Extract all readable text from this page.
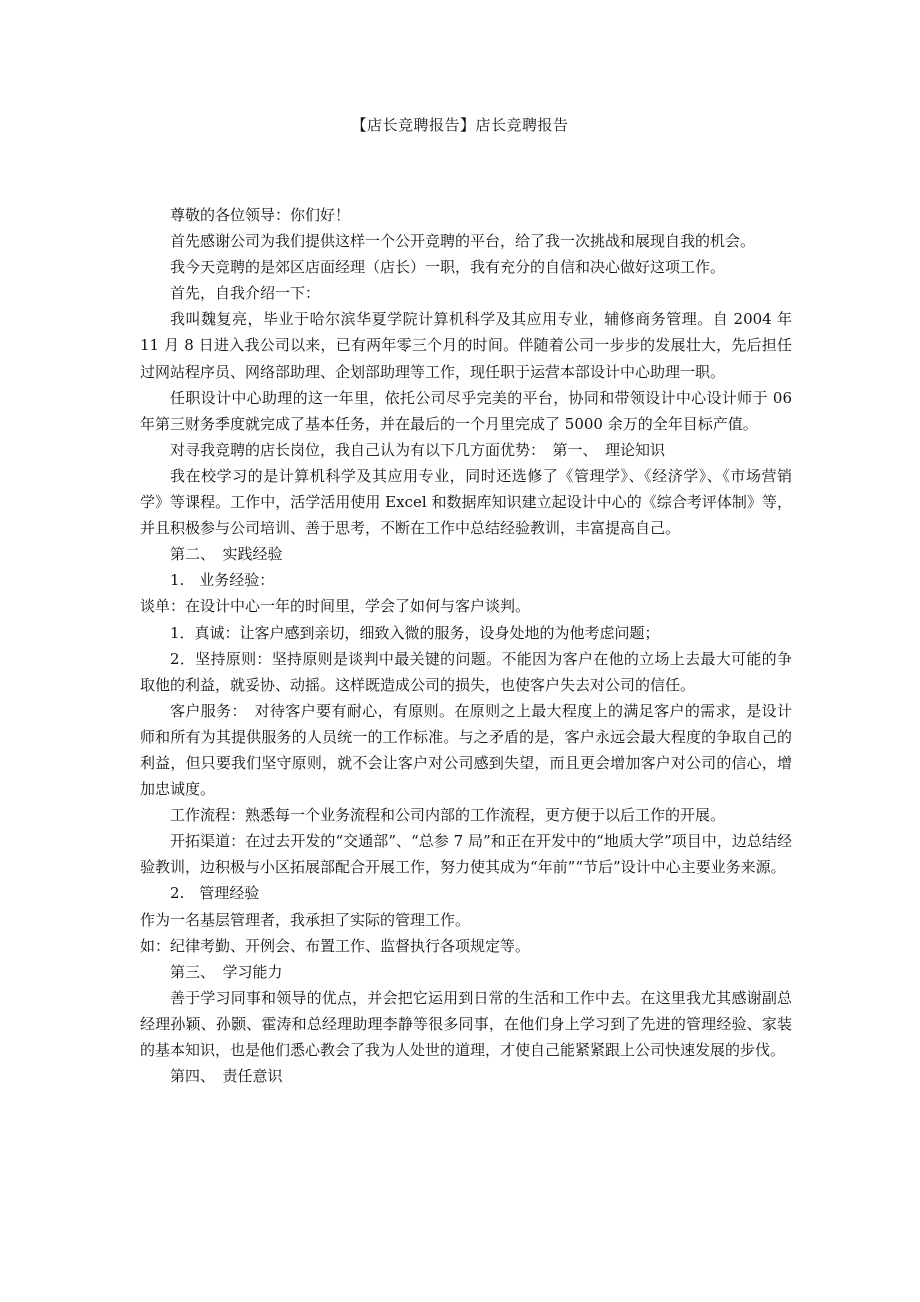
【店长竞聘报告】店长竞聘报告

尊敬的各位领导：你们好！

首先感谢公司为我们提供这样一个公开竞聘的平台，给了我一次挑战和展现自我的机会。

我今天竞聘的是郊区店面经理（店长）一职，我有充分的自信和决心做好这项工作。

首先，自我介绍一下：

我叫魏复亮，毕业于哈尔滨华夏学院计算机科学及其应用专业，辅修商务管理。自 2004 年 11 月 8 日进入我公司以来，已有两年零三个月的时间。伴随着公司一步步的发展壮大，先后担任过网站程序员、网络部助理、企划部助理等工作，现任职于运营本部设计中心助理一职。

任职设计中心助理的这一年里，依托公司尽乎完美的平台，协同和带领设计中心设计师于 06 年第三财务季度就完成了基本任务，并在最后的一个月里完成了 5000 余万的全年目标产值。

对寻我竞聘的店长岗位，我自己认为有以下几方面优势：　第一、　理论知识

我在校学习的是计算机科学及其应用专业，同时还选修了《管理学》、《经济学》、《市场营销学》等课程。工作中，活学活用使用 Excel 和数据库知识建立起设计中心的《综合考评体制》等，并且积极参与公司培训、善于思考，不断在工作中总结经验教训，丰富提高自己。

第二、　实践经验

1.　业务经验：

谈单：在设计中心一年的时间里，学会了如何与客户谈判。

1．真诚：让客户感到亲切，细致入微的服务，设身处地的为他考虑问题；

2．坚持原则：坚持原则是谈判中最关键的问题。不能因为客户在他的立场上去最大可能的争取他的利益，就妥协、动摇。这样既造成公司的损失，也使客户失去对公司的信任。

客户服务：　对待客户要有耐心，有原则。在原则之上最大程度上的满足客户的需求，是设计师和所有为其提供服务的人员统一的工作标准。与之矛盾的是，客户永远会最大程度的争取自己的利益，但只要我们坚守原则，就不会让客户对公司感到失望，而且更会增加客户对公司的信心，增加忠诚度。

工作流程：熟悉每一个业务流程和公司内部的工作流程，更方便于以后工作的开展。

开拓渠道：在过去开发的“交通部”、“总参 7 局”和正在开发中的“地质大学”项目中，边总结经验教训，边积极与小区拓展部配合开展工作，努力使其成为“年前”“节后”设计中心主要业务来源。

2.　管理经验

作为一名基层管理者，我承担了实际的管理工作。

如：纪律考勤、开例会、布置工作、监督执行各项规定等。

第三、　学习能力

善于学习同事和领导的优点，并会把它运用到日常的生活和工作中去。在这里我尤其感谢副总经理孙颖、孙颢、霍涛和总经理助理李静等很多同事，在他们身上学习到了先进的管理经验、家装的基本知识，也是他们悉心教会了我为人处世的道理，才使自己能紧紧跟上公司快速发展的步伐。

第四、　责任意识
